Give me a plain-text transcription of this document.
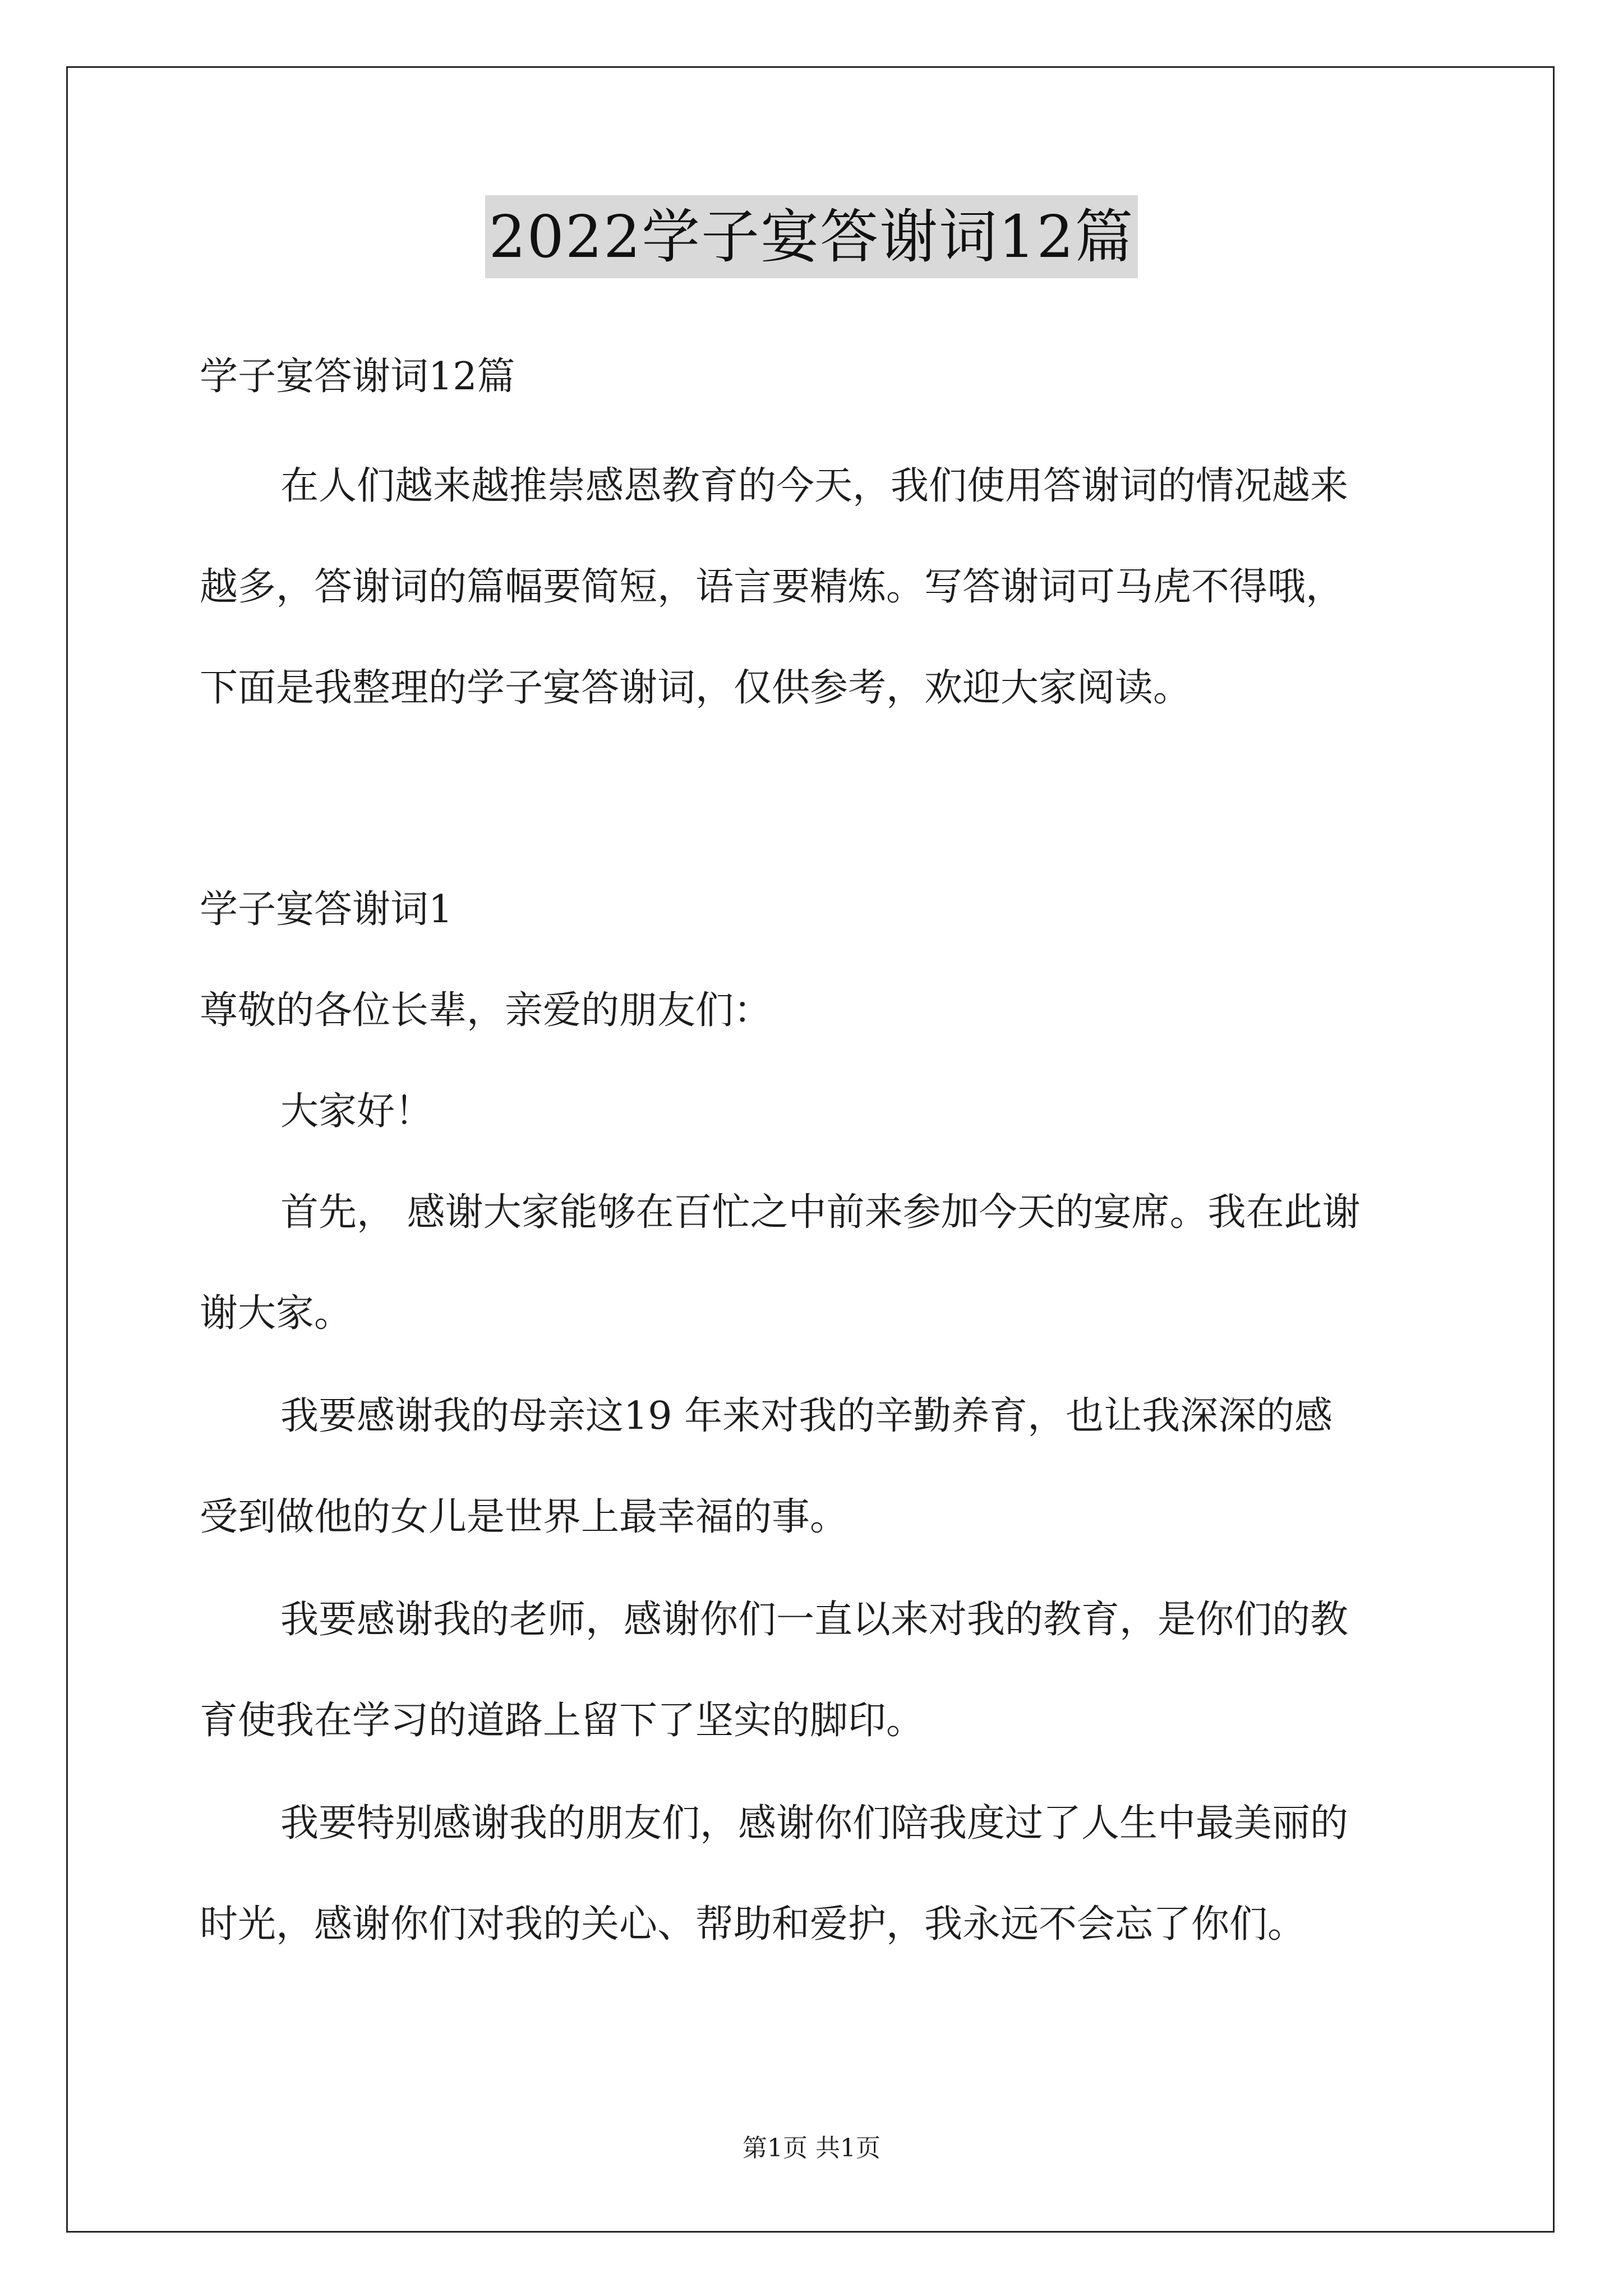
2022学子宴答谢词12篇
学子宴答谢词12篇
在人们越来越推崇感恩教育的今天，我们使用答谢词的情况越来
越多，答谢词的篇幅要简短，语言要精炼。写答谢词可马虎不得哦，
下面是我整理的学子宴答谢词，仅供参考，欢迎大家阅读。
学子宴答谢词1
尊敬的各位长辈，亲爱的朋友们：
大家好！
首先， 感谢大家能够在百忙之中前来参加今天的宴席。我在此谢
谢大家。
我要感谢我的母亲这19 年来对我的辛勤养育，也让我深深的感
受到做他的女儿是世界上最幸福的事。
我要感谢我的老师，感谢你们一直以来对我的教育，是你们的教
育使我在学习的道路上留下了坚实的脚印。
我要特别感谢我的朋友们，感谢你们陪我度过了人生中最美丽的
时光，感谢你们对我的关心、帮助和爱护，我永远不会忘了你们。
第1页 共1页
